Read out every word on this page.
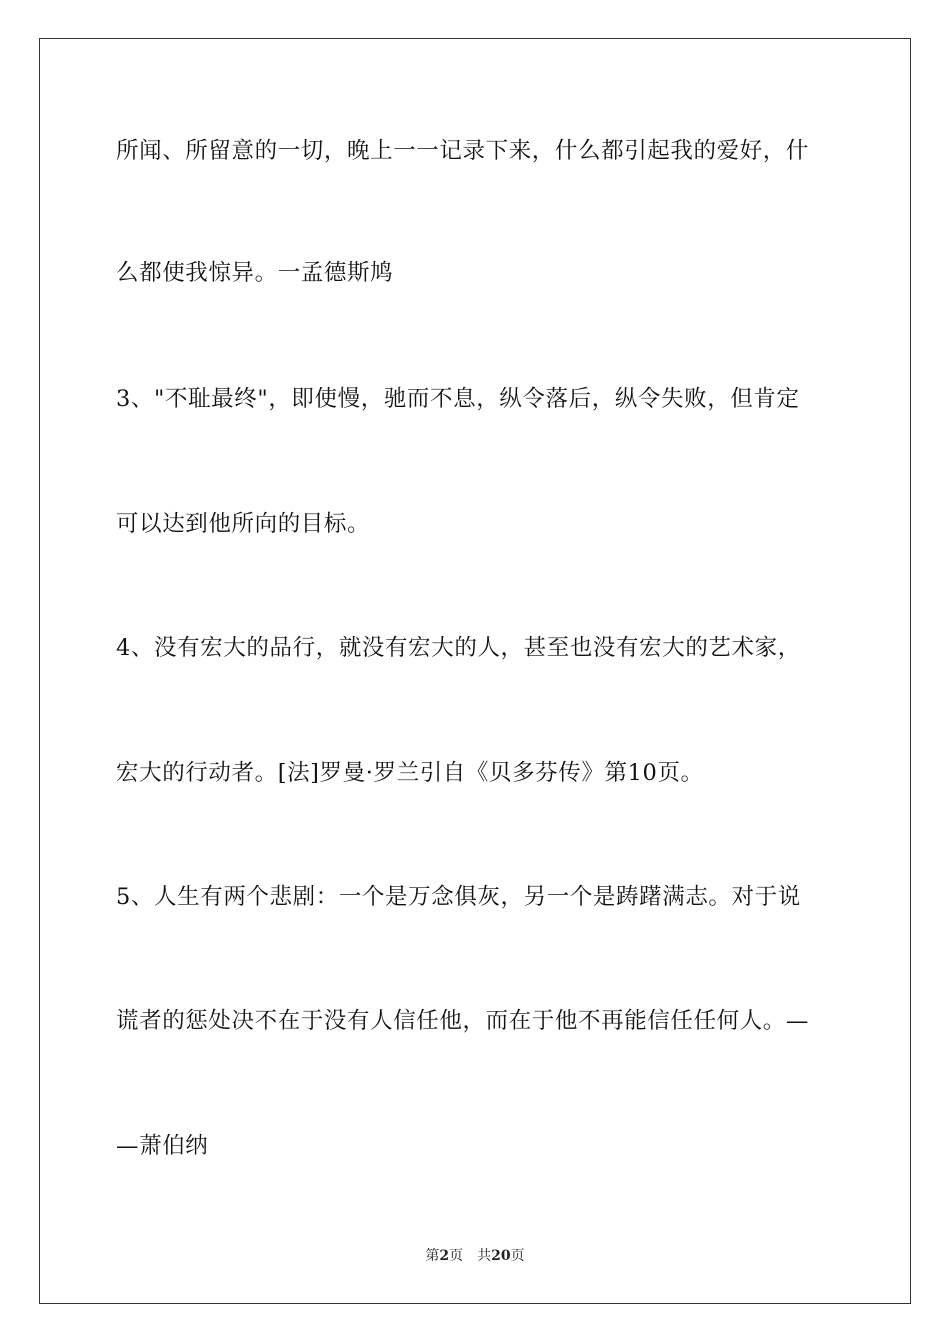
所闻、所留意的一切，晚上一一记录下来，什么都引起我的爱好，什
么都使我惊异。一孟德斯鸠
3、"不耻最终"，即使慢，驰而不息，纵令落后，纵令失败，但肯定
可以达到他所向的目标。
4、没有宏大的品行，就没有宏大的人，甚至也没有宏大的艺术家，
宏大的行动者。[法]罗曼·罗兰引自《贝多芬传》第10页。
5、人生有两个悲剧：一个是万念俱灰，另一个是踌躇满志。对于说
谎者的惩处决不在于没有人信任他，而在于他不再能信任任何人。—
—萧伯纳
第2页 共20页
